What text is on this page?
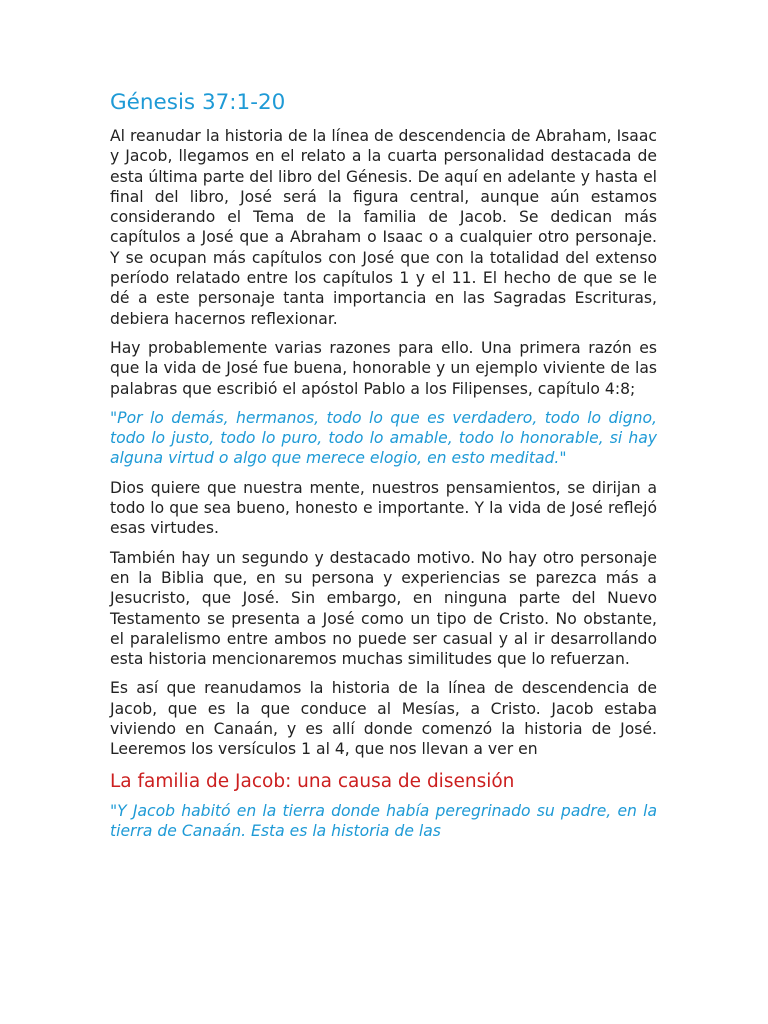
Génesis 37:1-20

Al reanudar la historia de la línea de descendencia de Abraham, Isaac y Jacob, llegamos en el relato a la cuarta personalidad destacada de esta última parte del libro del Génesis. De aquí en adelante y hasta el final del libro, José será la figura central, aunque aún estamos considerando el Tema de la familia de Jacob. Se dedican más capítulos a José que a Abraham o Isaac o a cualquier otro personaje. Y se ocupan más capítulos con José que con la totalidad del extenso período relatado entre los capítulos 1 y el 11. El hecho de que se le dé a este personaje tanta importancia en las Sagradas Escrituras, debiera hacernos reflexionar.

Hay probablemente varias razones para ello. Una primera razón es que la vida de José fue buena, honorable y un ejemplo viviente de las palabras que escribió el apóstol Pablo a los Filipenses, capítulo 4:8;

"Por lo demás, hermanos, todo lo que es verdadero, todo lo digno, todo lo justo, todo lo puro, todo lo amable, todo lo honorable, si hay alguna virtud o algo que merece elogio, en esto meditad."

Dios quiere que nuestra mente, nuestros pensamientos, se dirijan a todo lo que sea bueno, honesto e importante. Y la vida de José reflejó esas virtudes.

También hay un segundo y destacado motivo. No hay otro personaje en la Biblia que, en su persona y experiencias se parezca más a Jesucristo, que José. Sin embargo, en ninguna parte del Nuevo Testamento se presenta a José como un tipo de Cristo. No obstante, el paralelismo entre ambos no puede ser casual y al ir desarrollando esta historia mencionaremos muchas similitudes que lo refuerzan.

Es así que reanudamos la historia de la línea de descendencia de Jacob, que es la que conduce al Mesías, a Cristo. Jacob estaba viviendo en Canaán, y es allí donde comenzó la historia de José. Leeremos los versículos 1 al 4, que nos llevan a ver en

La familia de Jacob: una causa de disensión

"Y Jacob habitó en la tierra donde había peregrinado su padre, en la tierra de Canaán. Esta es la historia de las
